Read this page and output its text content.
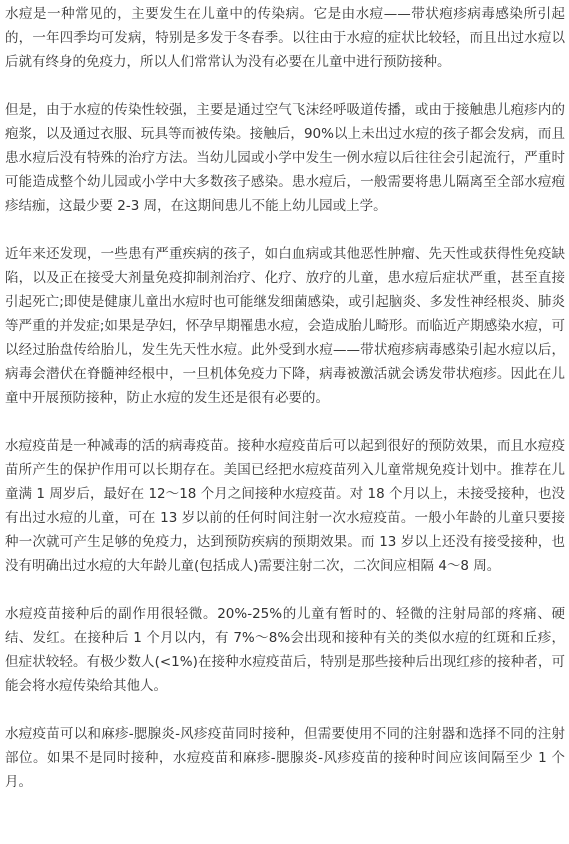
水痘是一种常见的，主要发生在儿童中的传染病。它是由水痘——带状疱疹病毒感染所引起的，一年四季均可发病，特别是多发于冬春季。以往由于水痘的症状比较轻，而且出过水痘以后就有终身的免疫力，所以人们常常认为没有必要在儿童中进行预防接种。

但是，由于水痘的传染性较强，主要是通过空气飞沫经呼吸道传播，或由于接触患儿疱疹内的疱浆，以及通过衣服、玩具等而被传染。接触后，90%以上未出过水痘的孩子都会发病，而且患水痘后没有特殊的治疗方法。当幼儿园或小学中发生一例水痘以后往往会引起流行，严重时可能造成整个幼儿园或小学中大多数孩子感染。患水痘后，一般需要将患儿隔离至全部水痘疱疹结痂，这最少要 2-3 周，在这期间患儿不能上幼儿园或上学。

近年来还发现，一些患有严重疾病的孩子，如白血病或其他恶性肿瘤、先天性或获得性免疫缺陷，以及正在接受大剂量免疫抑制剂治疗、化疗、放疗的儿童，患水痘后症状严重，甚至直接引起死亡;即使是健康儿童出水痘时也可能继发细菌感染，或引起脑炎、多发性神经根炎、肺炎等严重的并发症;如果是孕妇，怀孕早期罹患水痘，会造成胎儿畸形。而临近产期感染水痘，可以经过胎盘传给胎儿，发生先天性水痘。此外受到水痘——带状疱疹病毒感染引起水痘以后，病毒会潜伏在脊髓神经根中，一旦机体免疫力下降，病毒被激活就会诱发带状疱疹。因此在儿童中开展预防接种，防止水痘的发生还是很有必要的。

水痘疫苗是一种减毒的活的病毒疫苗。接种水痘疫苗后可以起到很好的预防效果，而且水痘疫苗所产生的保护作用可以长期存在。美国已经把水痘疫苗列入儿童常规免疫计划中。推荐在儿童满 1 周岁后，最好在 12～18 个月之间接种水痘疫苗。对 18 个月以上，未接受接种，也没有出过水痘的儿童，可在 13 岁以前的任何时间注射一次水痘疫苗。一般小年龄的儿童只要接种一次就可产生足够的免疫力，达到预防疾病的预期效果。而 13 岁以上还没有接受接种，也没有明确出过水痘的大年龄儿童(包括成人)需要注射二次，二次间应相隔 4～8 周。

水痘疫苗接种后的副作用很轻微。20%-25%的儿童有暂时的、轻微的注射局部的疼痛、硬结、发红。在接种后 1 个月以内，有 7%～8%会出现和接种有关的类似水痘的红斑和丘疹，但症状较轻。有极少数人(<1%)在接种水痘疫苗后，特别是那些接种后出现红疹的接种者，可能会将水痘传染给其他人。

水痘疫苗可以和麻疹-腮腺炎-风疹疫苗同时接种，但需要使用不同的注射器和选择不同的注射部位。如果不是同时接种，水痘疫苗和麻疹-腮腺炎-风疹疫苗的接种时间应该间隔至少 1 个月。
